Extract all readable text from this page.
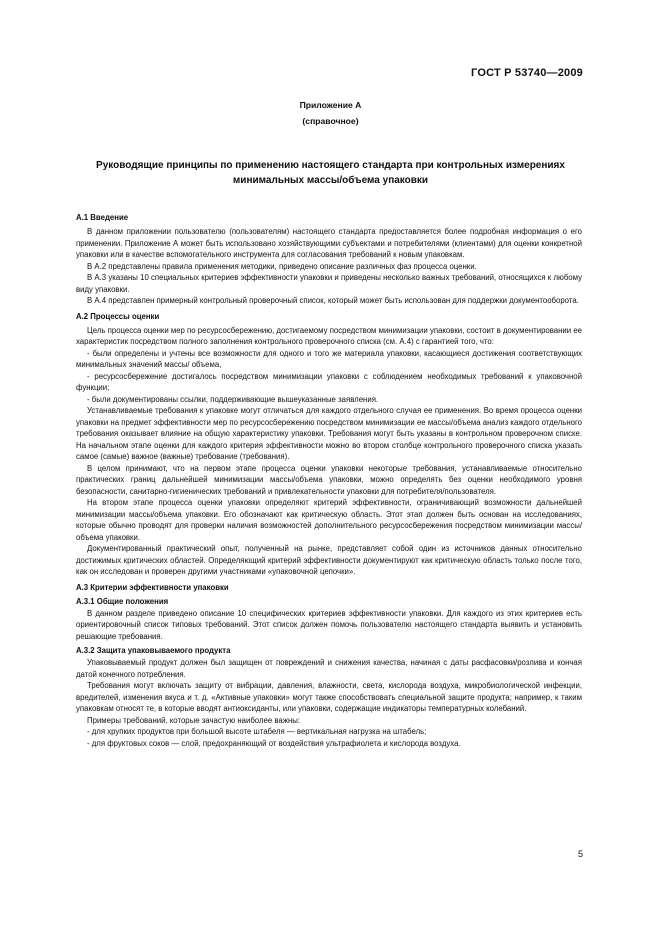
ГОСТ Р 53740—2009
Приложение А
(справочное)
Руководящие принципы по применению настоящего стандарта при контрольных измерениях минимальных массы/объема упаковки
А.1 Введение

В данном приложении пользователю (пользователям) настоящего стандарта предоставляется более подробная информация о его применении. Приложение А может быть использовано хозяйствующими субъектами и потребителями (клиентами) для оценки конкретной упаковки или в качестве вспомогательного инструмента для согласования требований к новым упаковкам.

В А.2 представлены правила применения методики, приведено описание различных фаз процесса оценки.

В А.3 указаны 10 специальных критериев эффективности упаковки и приведены несколько важных требований, относящихся к любому виду упаковки.

В А.4 представлен примерный контрольный проверочный список, который может быть использован для поддержки документооборота.

А.2 Процессы оценки

Цель процесса оценки мер по ресурсосбережению, достигаемому посредством минимизации упаковки, состоит в документировании ее характеристик посредством полного заполнения контрольного проверочного списка (см. А.4) с гарантией того, что:

- были определены и учтены все возможности для одного и того же материала упаковки, касающиеся достижения соответствующих минимальных значений массы/ объема,

- ресурсосбережение достигалось посредством минимизации упаковки с соблюдением необходимых требований к упаковочной функции;

- были документированы ссылки, поддерживающие вышеуказанные заявления.

Устанавливаемые требования к упаковке могут отличаться для каждого отдельного случая ее применения. Во время процесса оценки упаковки на предмет эффективности мер по ресурсосбережению посредством минимизации ее массы/объема анализ каждого отдельного требования оказывает влияние на общую характеристику упаковки. Требования могут быть указаны в контрольном проверочном списке. На начальном этапе оценки для каждого критерия эффективности можно во втором столбце контрольного проверочного списка указать самое (самые) важное (важные) требование (требования).

В целом принимают, что на первом этапе процесса оценки упаковки некоторые требования, устанавливаемые относительно практических границ дальнейшей минимизации массы/объема упаковки, можно определять без оценки необходимого уровня безопасности, санитарно-гигиенических требований и привлекательности упаковки для потребителя/пользователя.

На втором этапе процесса оценки упаковки определяют критерий эффективности, ограничивающий возможности дальнейшей минимизации массы/объема упаковки. Его обозначают как критическую область. Этот этап должен быть основан на исследованиях, которые обычно проводят для проверки наличия возможностей дополнительного ресурсосбережения посредством минимизации массы/объема упаковки.

Документированный практический опыт, полученный на рынке, представляет собой один из источников данных относительно достижимых критических областей. Определяющий критерий эффективности документируют как критическую область только после того, как он исследован и проверен другими участниками «упаковочной цепочки».

А.3 Критерии эффективности упаковки
А.3.1 Общие положения

В данном разделе приведено описание 10 специфических критериев эффективности упаковки. Для каждого из этих критериев есть ориентировочный список типовых требований. Этот список должен помочь пользователю настоящего стандарта выявить и установить решающие требования.

А.3.2 Защита упаковываемого продукта

Упаковываемый продукт должен был защищен от повреждений и снижения качества, начиная с даты расфасовки/розлива и кончая датой конечного потребления.

Требования могут включать защиту от вибрации, давления, влажности, света, кислорода воздуха, микробиологической инфекции, вредителей, изменения вкуса и т. д. «Активные упаковки» могут также способствовать специальной защите продукта; например, к таким упаковкам относят те, в которые вводят антиоксиданты, или упаковки, содержащие индикаторы температурных колебаний.

Примеры требований, которые зачастую наиболее важны:

- для хрупких продуктов при большой высоте штабеля — вертикальная нагрузка на штабель;

- для фруктовых соков — слой, предохраняющий от воздействия ультрафиолета и кислорода воздуха.

5
